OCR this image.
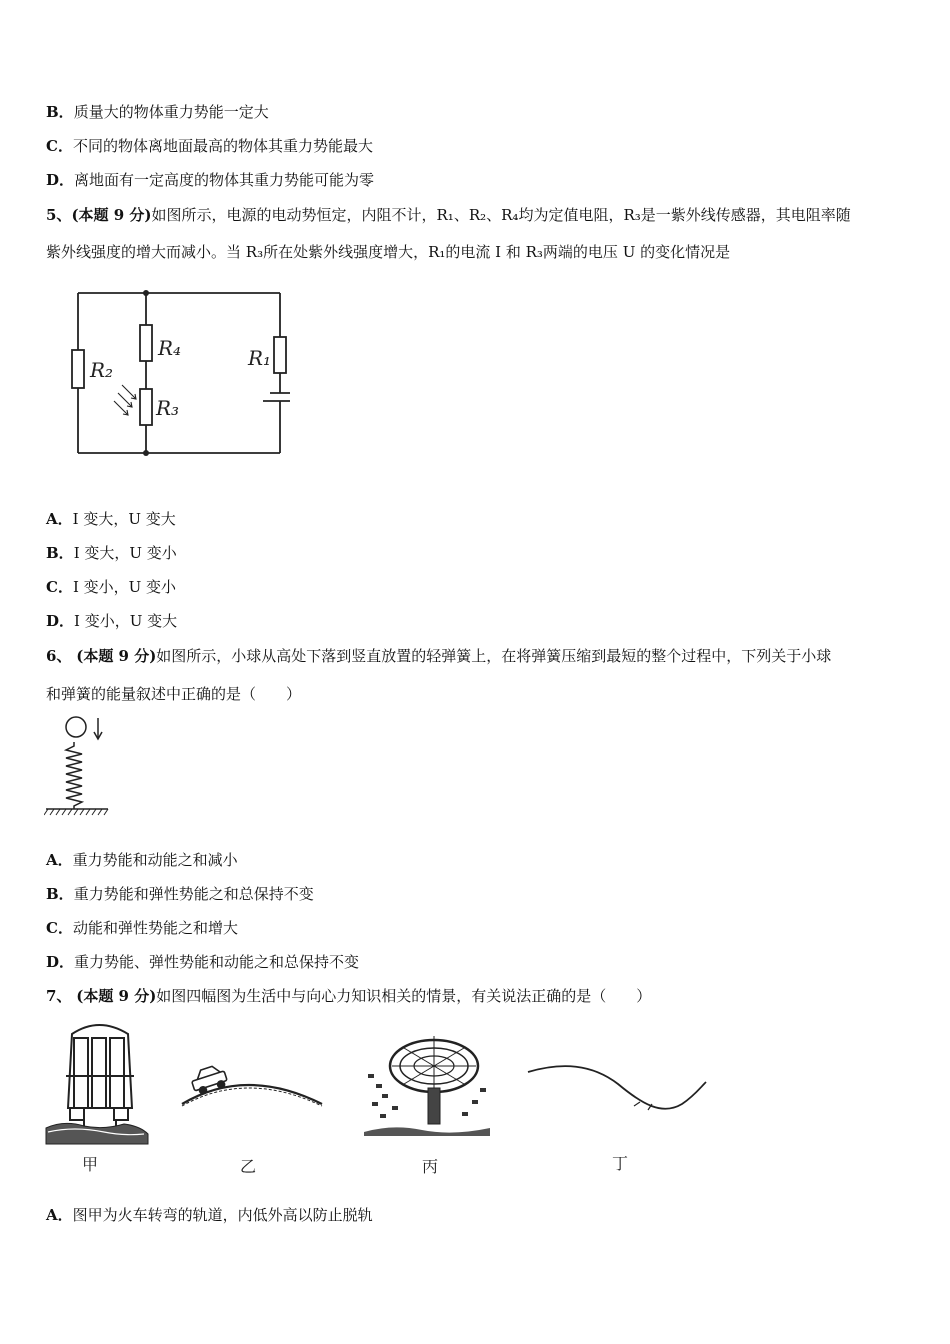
B．质量大的物体重力势能一定大
C．不同的物体离地面最高的物体其重力势能最大
D．离地面有一定高度的物体其重力势能可能为零
5、(本题 9 分)如图所示，电源的电动势恒定，内阻不计，R₁、R₂、R₄均为定值电阻，R₃是一紫外线传感器，其电阻率随
紫外线强度的增大而减小。当 R₃所在处紫外线强度增大，R₁的电流 I 和 R₃两端的电压 U 的变化情况是
R₂
R₄
R₃
R₁
A．I 变大，U 变大
B．I 变大，U 变小
C．I 变小，U 变小
D．I 变小，U 变大
6、 (本题 9 分)如图所示，小球从高处下落到竖直放置的轻弹簧上，在将弹簧压缩到最短的整个过程中，下列关于小球
和弹簧的能量叙述中正确的是（　　）
A．重力势能和动能之和减小
B．重力势能和弹性势能之和总保持不变
C．动能和弹性势能之和增大
D．重力势能、弹性势能和动能之和总保持不变
7、 (本题 9 分)如图四幅图为生活中与向心力知识相关的情景，有关说法正确的是（　　）
甲	乙	丙	丁
A．图甲为火车转弯的轨道，内低外高以防止脱轨
